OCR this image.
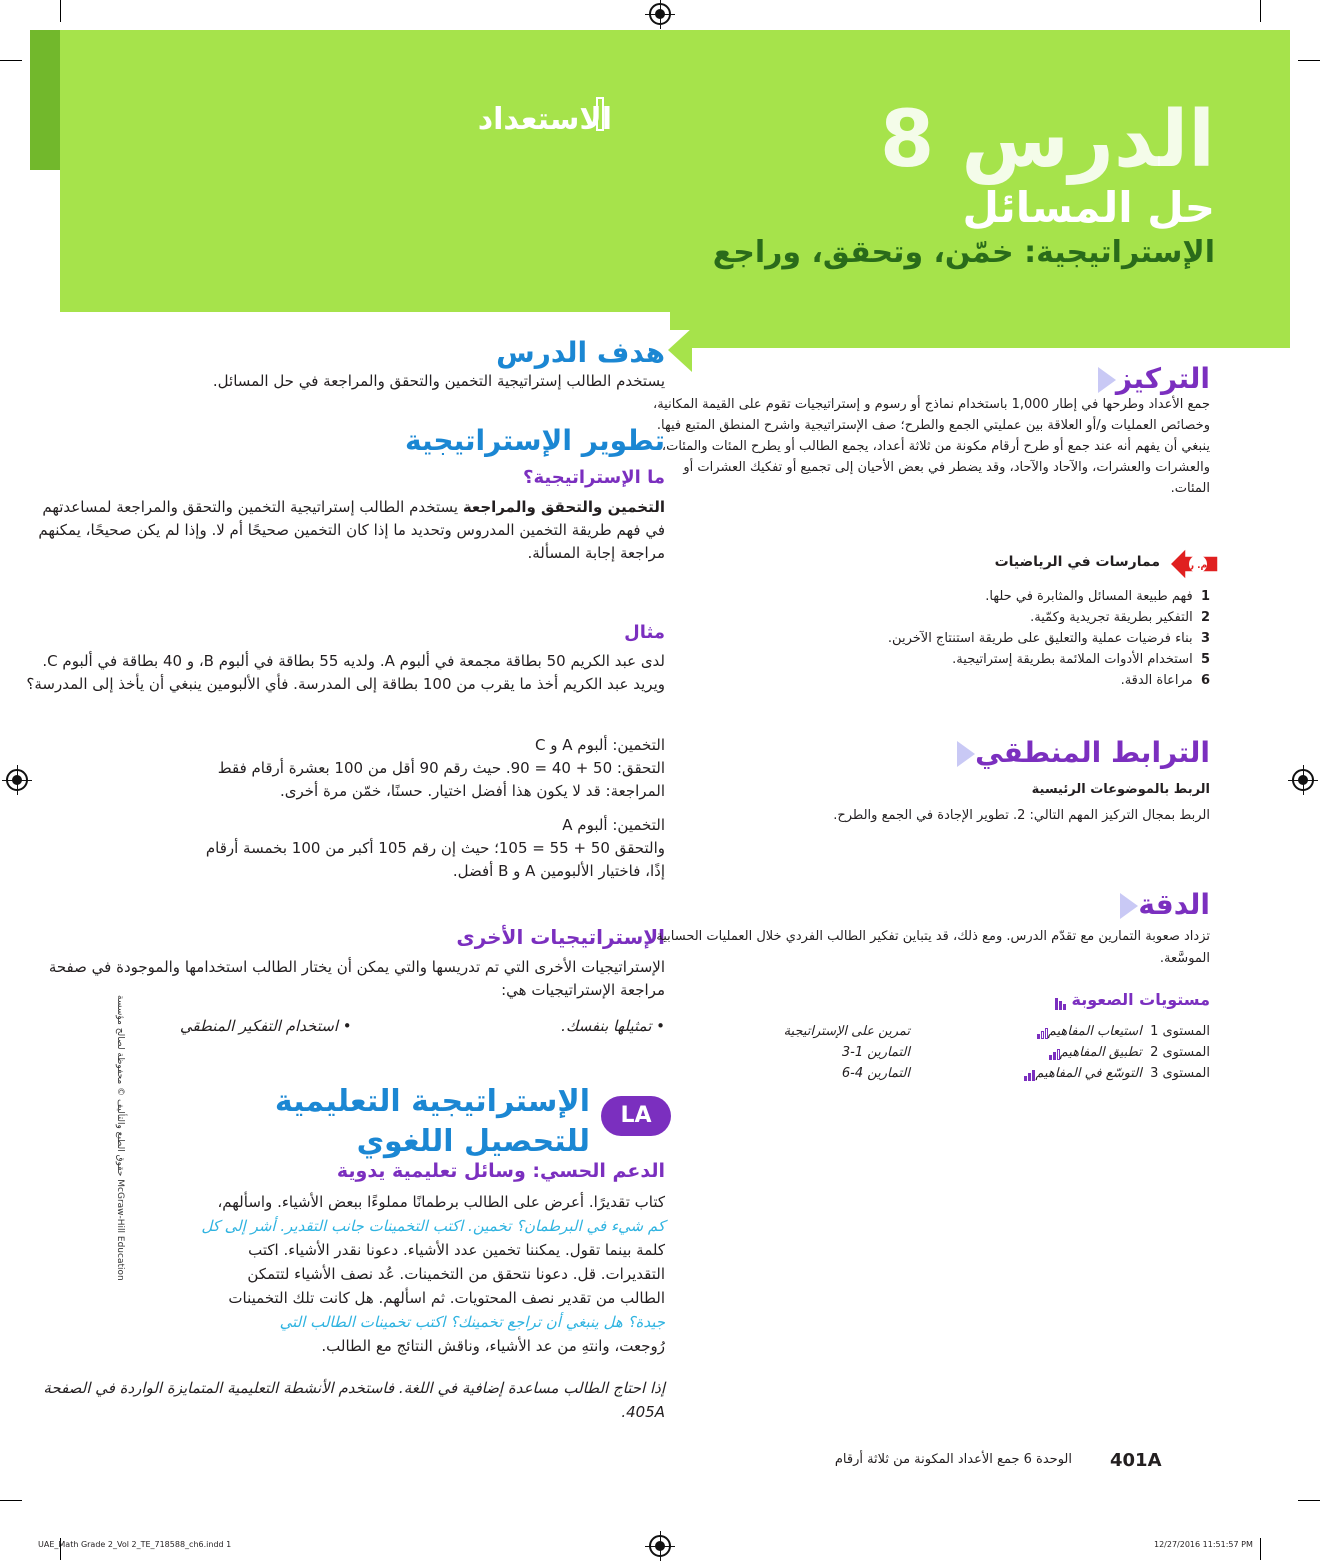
الدرس 8
حل المسائل
الإستراتيجية: خمّن، وتحقق، وراجع
الاستعداد
هدف الدرس
يستخدم الطالب إستراتيجية التخمين والتحقق والمراجعة في حل المسائل.
تطوير الإستراتيجية
ما الإستراتيجية؟
التخمين والتحقق والمراجعة يستخدم الطالب إستراتيجية التخمين والتحقق والمراجعة لمساعدتهم في فهم طريقة التخمين المدروس وتحديد ما إذا كان التخمين صحيحًا أم لا. وإذا لم يكن صحيحًا، يمكنهم مراجعة إجابة المسألة.
مثال
لدى عبد الكريم 50 بطاقة مجمعة في ألبوم A. ولديه 55 بطاقة في ألبوم B، و 40 بطاقة في ألبوم C. ويريد عبد الكريم أخذ ما يقرب من 100 بطاقة إلى المدرسة. فأي الألبومين ينبغي أن يأخذ إلى المدرسة؟
التخمين: ألبوم A و C
التحقق: 50 + 40 = 90. حيث رقم 90 أقل من 100 بعشرة أرقام فقط
المراجعة: قد لا يكون هذا أفضل اختيار. حسنًا، خمّن مرة أخرى.
التخمين: ألبوم A
والتحقق 50 + 55 = 105؛ حيث إن رقم 105 أكبر من 100 بخمسة أرقام
إذًا، فاختيار الألبومين A و B أفضل.
الإستراتيجيات الأخرى
الإستراتيجيات الأخرى التي تم تدريسها والتي يمكن أن يختار الطالب استخدامها والموجودة في صفحة مراجعة الإستراتيجيات هي:
• تمثيلها بنفسك.  • استخدام التفكير المنطقي
LA
الإستراتيجية التعليمية للتحصيل اللغوي
الدعم الحسي: وسائل تعليمية يدوية
كتاب تقديرًا. أعرض على الطالب برطمانًا مملوءًا ببعض الأشياء. واسألهم،
كم شيء في البرطمان؟ تخمين. اكتب التخمينات جانب التقدير. أشر إلى كل
كلمة بينما تقول. يمكننا تخمين عدد الأشياء. دعونا نقدر الأشياء. اكتب
التقديرات. قل. دعونا نتحقق من التخمينات. عُد نصف الأشياء لتتمكن
الطالب من تقدير نصف المحتويات. ثم اسألهم. هل كانت تلك التخمينات
جيدة؟ هل ينبغي أن تراجع تخمينك؟ اكتب تخمينات الطالب التي
رُوجعت، وانتهِ من عد الأشياء، وناقش النتائج مع الطالب.
إذا احتاج الطالب مساعدة إضافية في اللغة. فاستخدم الأنشطة التعليمية المتمايزة الواردة في الصفحة 405A.
التركيز
جمع الأعداد وطرحها في إطار 1,000 باستخدام نماذج أو رسوم و إستراتيجيات تقوم على القيمة المكانية، وخصائص العمليات و/أو العلاقة بين عمليتي الجمع والطرح؛ صف الإستراتيجية واشرح المنطق المتبع فيها. ينبغي أن يفهم أنه عند جمع أو طرح أرقام مكونة من ثلاثة أعداد، يجمع الطالب أو يطرح المئات والمئات، والعشرات والعشرات، والآحاد والآحاد، وقد يضطر في بعض الأحيان إلى تجميع أو تفكيك العشرات أو المئات.
ممارسات في الرياضيات	م. ر
1  فهم طبيعة المسائل والمثابرة في حلها.
2  التفكير بطريقة تجريدية وكمّية.
3  بناء فرضيات عملية والتعليق على طريقة استنتاج الآخرين.
5  استخدام الأدوات الملائمة بطريقة إستراتيجية.
6  مراعاة الدقة.
الترابط المنطقي
الربط بالموضوعات الرئيسية
الربط بمجال التركيز المهم التالي: 2. تطوير الإجادة في الجمع والطرح.
الدقة
تزداد صعوبة التمارين مع تقدّم الدرس. ومع ذلك، قد يتباين تفكير الطالب الفردي خلال العمليات الحسابية الموسَّعة.
مستويات الصعوبة
المستوى 1  استيعاب المفاهيم
تمرين على الإستراتيجية
المستوى 2  تطبيق المفاهيم
التمارين 1-3
المستوى 3  التوسّع في المفاهيم
التمارين 4-6
401A
الوحدة 6 جمع الأعداد المكونة من ثلاثة أرقام
حقوق الطبع والتأليف © محفوظة لصالح مؤسسة McGraw-Hill Education
UAE_Math Grade 2_Vol 2_TE_718588_ch6.indd 1	12/27/2016 11:51:57 PM
